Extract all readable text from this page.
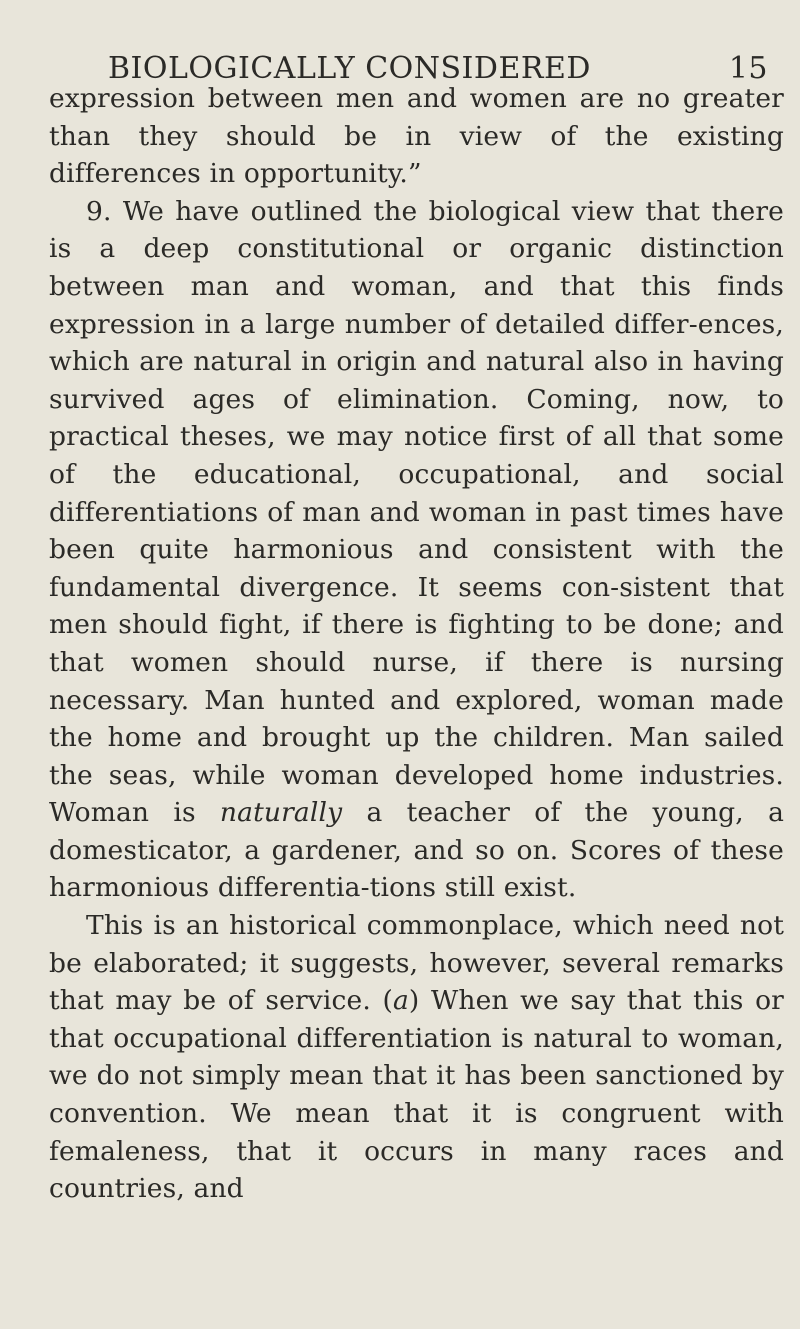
BIOLOGICALLY CONSIDERED	15

expression between men and women are no greater than they should be in view of the existing differences in opportunity.”

9. We have outlined the biological view that there is a deep constitutional or organic distinction between man and woman, and that this finds expression in a large number of detailed differ-ences, which are natural in origin and natural also in having survived ages of elimination. Coming, now, to practical theses, we may notice first of all that some of the educational, occupational, and social differentiations of man and woman in past times have been quite harmonious and consistent with the fundamental divergence. It seems con-sistent that men should fight, if there is fighting to be done; and that women should nurse, if there is nursing necessary. Man hunted and explored, woman made the home and brought up the children. Man sailed the seas, while woman developed home industries. Woman is naturally a teacher of the young, a domesticator, a gardener, and so on. Scores of these harmonious differentia-tions still exist.

This is an historical commonplace, which need not be elaborated; it suggests, however, several remarks that may be of service. (a) When we say that this or that occupational differentiation is natural to woman, we do not simply mean that it has been sanctioned by convention. We mean that it is congruent with femaleness, that it occurs in many races and countries, and
